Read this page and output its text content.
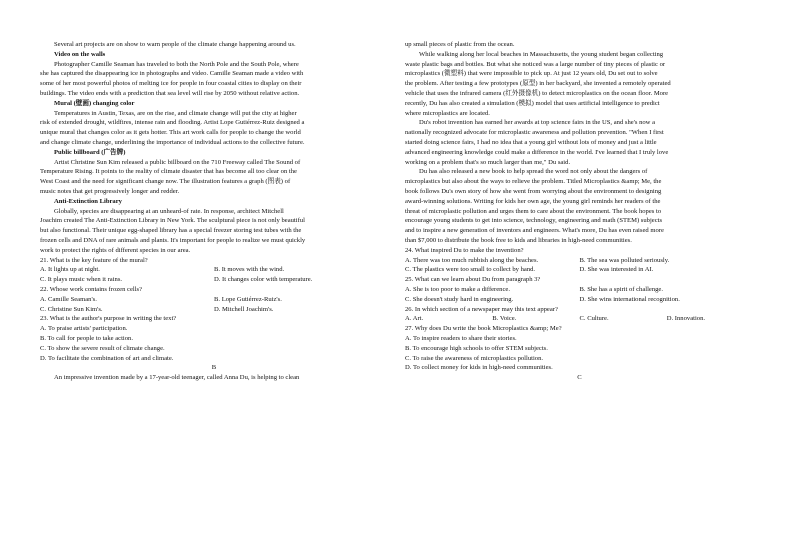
Several art projects are on show to warn people of the climate change happening around us.
Video on the walls
Photographer Camille Seaman has traveled to both the North Pole and the South Pole, where
she has captured the disappearing ice in photographs and video. Camille Seaman made a video with
some of her most powerful photos of melting ice for people in four coastal cities to display on their
buildings. The video ends with a prediction that sea level will rise by 2050 without relative action.
Mural (壁画) changing color
Temperatures in Austin, Texas, are on the rise, and climate change will put the city at higher
risk of extended drought, wildfires, intense rain and flooding. Artist Lope Gutiérrez-Ruiz designed a
unique mural that changes color as it gets hotter. This art work calls for people to change the world
and change climate change, underlining the importance of individual actions to the collective future.
Public billboard (广告牌)
Artist Christine Sun Kim released a public billboard on the 710 Freeway called The Sound of
Temperature Rising. It points to the reality of climate disaster that has become all too clear on the
West Coast and the need for significant change now. The illustration features a graph (图表) of
music notes that get progressively longer and redder.
Anti-Extinction Library
Globally, species are disappearing at an unheard-of rate. In response, architect Mitchell
Joachim created The Anti-Extinction Library in New York. The sculptural piece is not only beautiful
but also functional. Their unique egg-shaped library has a special freezer storing test tubes with the
frozen cells and DNA of rare animals and plants. It's important for people to realize we must quickly
work to protect the rights of different species in our area.
21. What is the key feature of the mural?
A. It lights up at night.	B. It moves with the wind.
C. It plays music when it rains.	D. It changes color with temperature.
22. Whose work contains frozen cells?
A. Camille Seaman's.	B. Lope Gutiérrez-Ruiz's.
C. Christine Sun Kim's.	D. Mitchell Joachim's.
23. What is the author's purpose in writing the text?
A. To praise artists' participation.
B. To call for people to take action.
C. To show the severe result of climate change.
D. To facilitate the combination of art and climate.
B
An impressive invention made by a 17-year-old teenager, called Anna Du, is helping to clean
up small pieces of plastic from the ocean.
While walking along her local beaches in Massachusetts, the young student began collecting
waste plastic bags and bottles. But what she noticed was a large number of tiny pieces of plastic or
microplastics (微塑料) that were impossible to pick up. At just 12 years old, Du set out to solve
the problem. After testing a few prototypes (原型) in her backyard, she invented a remotely operated
vehicle that uses the infrared camera (红外摄像机) to detect microplastics on the ocean floor. More
recently, Du has also created a simulation (模拟) model that uses artificial intelligence to predict
where microplastics are located.
Du's robot invention has earned her awards at top science fairs in the US, and she's now a
nationally recognized advocate for microplastic awareness and pollution prevention. "When I first
started doing science fairs, I had no idea that a young girl without lots of money and just a little
advanced engineering knowledge could make a difference in the world. I've learned that I truly love
working on a problem that's so much larger than me," Du said.
Du has also released a new book to help spread the word not only about the dangers of
microplastics but also about the ways to relieve the problem. Titled Microplastics &amp; Me, the
book follows Du's own story of how she went from worrying about the environment to designing
award-winning solutions. Writing for kids her own age, the young girl reminds her readers of the
threat of microplastic pollution and urges them to care about the environment. The book hopes to
encourage young students to get into science, technology, engineering and math (STEM) subjects
and to inspire a new generation of inventors and engineers. What's more, Du has even raised more
than $7,000 to distribute the book free to kids and libraries in high-need communities.
24. What inspired Du to make the invention?
A. There was too much rubbish along the beaches.	B. The sea was polluted seriously.
C. The plastics were too small to collect by hand.	D. She was interested in AI.
25. What can we learn about Du from paragraph 3?
A. She is too poor to make a difference.	B. She has a spirit of challenge.
C. She doesn't study hard in engineering.	D. She wins international recognition.
26. In which section of a newspaper may this text appear?
A. Art.	B. Voice.	C. Culture.	D. Innovation.
27. Why does Du write the book Microplastics &amp; Me?
A. To inspire readers to share their stories.
B. To encourage high schools to offer STEM subjects.
C. To raise the awareness of microplastics pollution.
D. To collect money for kids in high-need communities.
C
